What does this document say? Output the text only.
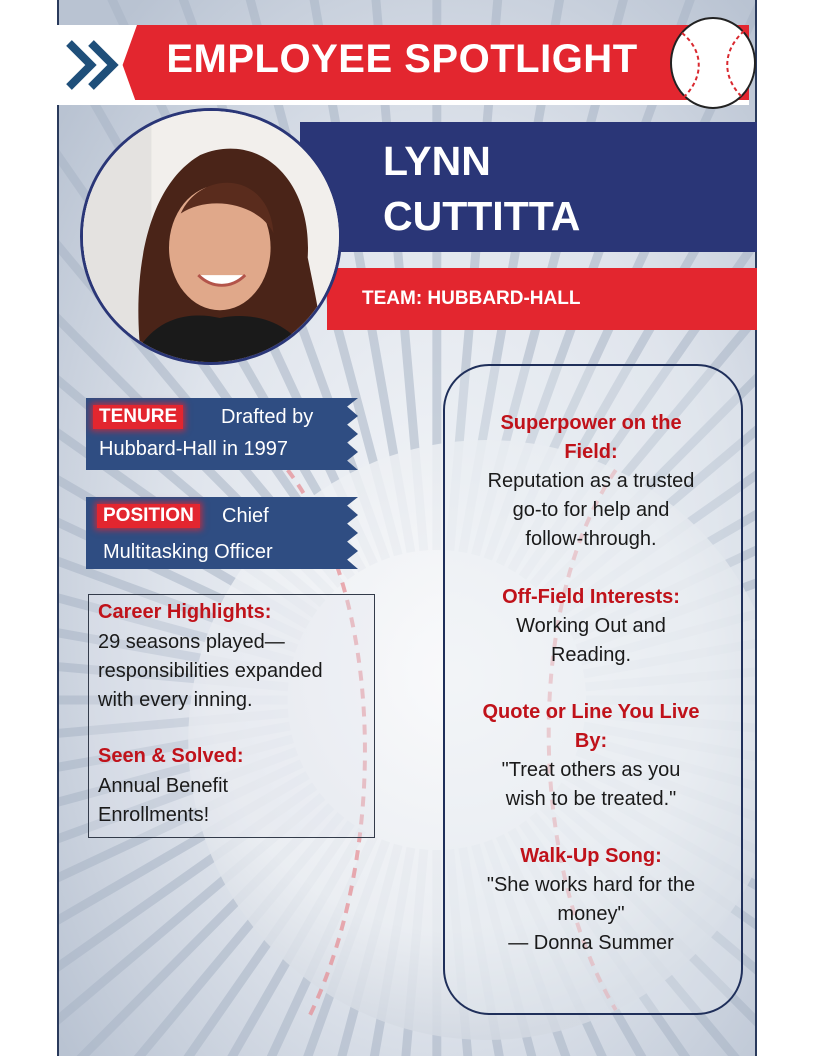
EMPLOYEE SPOTLIGHT
LYNN
CUTTITTA
TEAM: HUBBARD-HALL
TENURE	Drafted by
Hubbard-Hall in 1997
POSITION	Chief
Multitasking Officer
Career Highlights:
29 seasons played—
responsibilities expanded
with every inning.
Seen & Solved:
Annual Benefit
Enrollments!
Superpower on the
Field:
Reputation as a trusted
go-to for help and
follow-through.
Off-Field Interests:
Working Out and
Reading.
Quote or Line You Live
By:
"Treat others as you
wish to be treated."
Walk-Up Song:
"She works hard for the
money"
— Donna Summer
